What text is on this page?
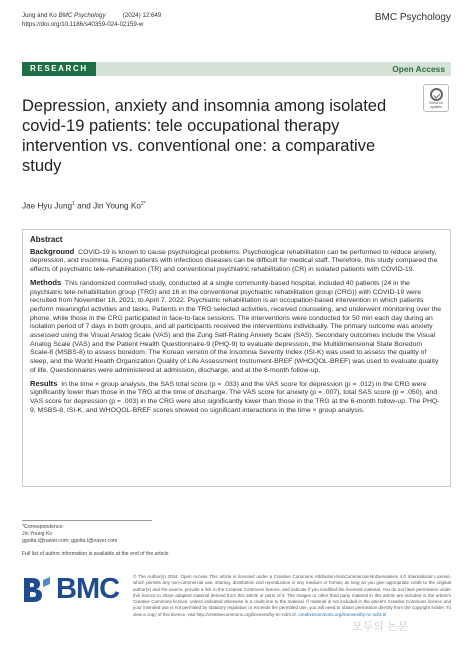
Jung and Ko BMC Psychology          (2024) 12:649
https://doi.org/10.1186/s40359-024-02159-w
BMC Psychology
RESEARCH	Open Access
Check for
updates
Depression, anxiety and insomnia among isolated covid-19 patients: tele occupational therapy intervention vs. conventional one: a comparative study
Jae Hyu Jung$^1$ and Jin Young $Ko^{2*}$
Abstract

Background COVID-19 is known to cause psychological problems. Psychological rehabilitation can be performed to reduce anxiety, depression, and insomnia. Facing patients with infectious diseases can be difficult for medical staff. Therefore, this study compared the effects of psychiatric tele-rehabilitation (TR) and conventional psychiatric rehabilitation (CR) in isolated patients with COVID-19.

Methods This randomized controlled study, conducted at a single community-based hospital, included 40 patients (24 in the psychiatric tele-rehabilitation group (TRG) and 16 in the conventional psychiatric rehabilitation group (CRG)) with COVID-19 were recruited from November 18, 2021, to April 7, 2022. Psychiatric rehabilitation is an occupation-based intervention in which patients perform meaningful activities and tasks. Patients in the TRG selected activities, received counseling, and underwent monitoring over the phone, while those in the CRG participated in face-to-face sessions. The interventions were conducted for 50 min each day during an isolation period of 7 days in both groups, and all participants received the interventions individually. The primary outcome was anxiety assessed using the Visual Analog Scale (VAS) and the Zung Self-Rating Anxiety Scale (SAS). Secondary outcomes include the Visual Analog Scale (VAS) and the Patient Health Questionnaire-9 (PHQ-9) to evaluate depression, the Multidimensional State Boredom Scale-8 (MSBS-8) to assess boredom. The Korean version of the Insomnia Severity Index (ISI-K) was used to assess the quality of sleep, and the World Health Organization Quality of Life Assessment Instrument-BREF (WHOQOL-BREF) was used to evaluate quality of life. Questionnaires were administered at admission, discharge, and at the 6-month follow-up.

Results In the time × group analysis, the SAS total score (p = .033) and the VAS score for depression (p = .012) in the CRG were significantly lower than those in the TRG at the time of discharge. The VAS score for anxiety (p = .007), total SAS score (p = .050), and VAS score for depression (p = .003) in the CRG were also significantly lower than those in the TRG at the 6-month follow-up. The PHQ-9, MSBS-8, ISI-K, and WHOQOL-BREF scores showed no significant interactions in the time × group analysis.

*Correspondence:
Jin Young Ko
ggotta.l@naver.com; ggotta.l@naver.com
Full list of author information is available at the end of the article
BMC	© The Author(s) 2024. Open Access This article is licensed under a Creative Commons Attribution-NonCommercial-NoDerivatives 4.0 International License, which permits any non-commercial use, sharing, distribution and reproduction in any medium or format, as long as you give appropriate credit to the original author(s) and the source, provide a link to the Creative Commons licence, and indicate if you modified the licensed material. You do not have permission under this licence to share adapted material derived from this article or parts of it. The images or other third party material in this article are included in the article's Creative Commons licence, unless indicated otherwise in a credit line to the material. If material is not included in the article's Creative Commons licence and your intended use is not permitted by statutory regulation or exceeds the permitted use, you will need to obtain permission directly from the copyright holder. To view a copy of this licence, visit http://creativecommons.org/licenses/by-nc-nd/4.0/. creativecommons.org/licenses/by-nc-nd/4.0/
모두의 논문
